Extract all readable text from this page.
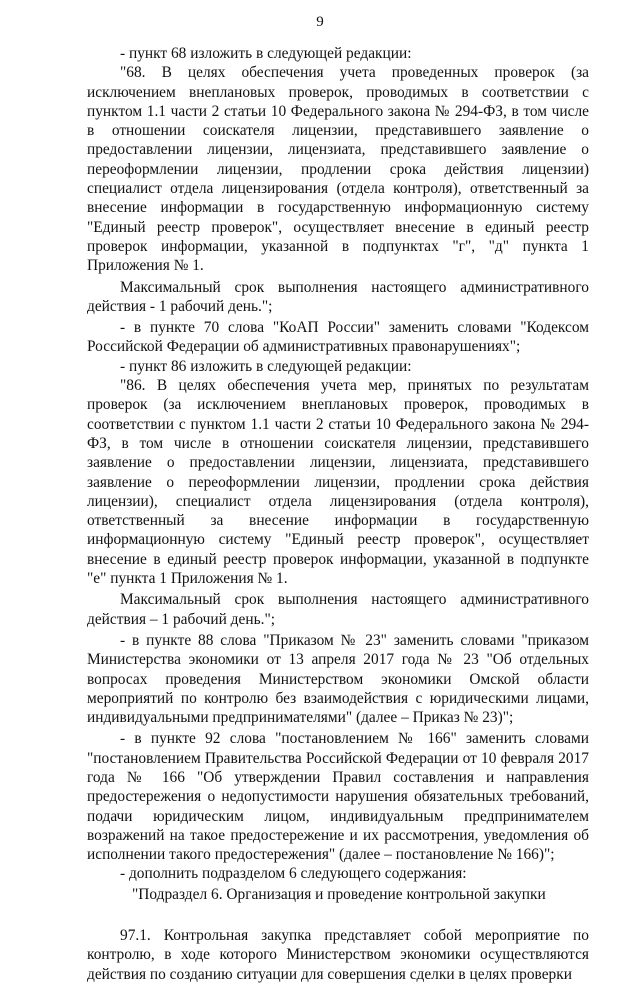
9

- пункт 68 изложить в следующей редакции:

"68. В целях обеспечения учета проведенных проверок (за исключением внеплановых проверок, проводимых в соответствии с пунктом 1.1 части 2 статьи 10 Федерального закона № 294-ФЗ, в том числе в отношении соискателя лицензии, представившего заявление о предоставлении лицензии, лицензиата, представившего заявление о переоформлении лицензии, продлении срока действия лицензии) специалист отдела лицензирования (отдела контроля), ответственный за внесение информации в государственную информационную систему "Единый реестр проверок", осуществляет внесение в единый реестр проверок информации, указанной в подпунктах "г", "д" пункта 1 Приложения № 1.

Максимальный срок выполнения настоящего административного действия - 1 рабочий день.";

- в пункте 70 слова "КоАП России" заменить словами "Кодексом Российской Федерации об административных правонарушениях";

- пункт 86 изложить в следующей редакции:

"86. В целях обеспечения учета мер, принятых по результатам проверок (за исключением внеплановых проверок, проводимых в соответствии с пунктом 1.1 части 2 статьи 10 Федерального закона № 294-ФЗ, в том числе в отношении соискателя лицензии, представившего заявление о предоставлении лицензии, лицензиата, представившего заявление о переоформлении лицензии, продлении срока действия лицензии), специалист отдела лицензирования (отдела контроля), ответственный за внесение информации в государственную информационную систему "Единый реестр проверок", осуществляет внесение в единый реестр проверок информации, указанной в подпункте "е" пункта 1 Приложения № 1.

Максимальный срок выполнения настоящего административного действия – 1 рабочий день.";

- в пункте 88 слова "Приказом № 23" заменить словами "приказом Министерства экономики от 13 апреля 2017 года № 23 "Об отдельных вопросах проведения Министерством экономики Омской области мероприятий по контролю без взаимодействия с юридическими лицами, индивидуальными предпринимателями" (далее – Приказ № 23)";

- в пункте 92 слова "постановлением № 166" заменить словами "постановлением Правительства Российской Федерации от 10 февраля 2017 года № 166 "Об утверждении Правил составления и направления предостережения о недопустимости нарушения обязательных требований, подачи юридическим лицом, индивидуальным предпринимателем возражений на такое предостережение и их рассмотрения, уведомления об исполнении такого предостережения" (далее – постановление № 166)";

- дополнить подразделом 6 следующего содержания:

"Подраздел 6. Организация и проведение контрольной закупки

97.1. Контрольная закупка представляет собой мероприятие по контролю, в ходе которого Министерством экономики осуществляются действия по созданию ситуации для совершения сделки в целях проверки
